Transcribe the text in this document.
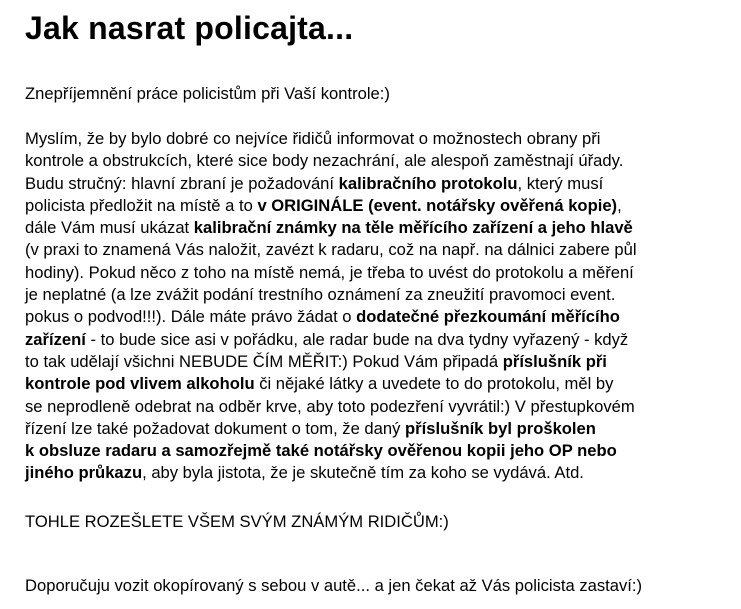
Jak nasrat policajta...

Znepříjemnění práce policistům při Vaší kontrole:)

Myslím, že by bylo dobré co nejvíce řidičů informovat o možnostech obrany při
kontrole a obstrukcích, které sice body nezachrání, ale alespoň zaměstnají úřady.
Budu stručný: hlavní zbraní je požadování kalibračního protokolu, který musí
policista předložit na místě a to v ORIGINÁLE (event. notářsky ověřená kopie),
dále Vám musí ukázat kalibrační známky na těle měřícího zařízení a jeho hlavě
(v praxi to znamená Vás naložit, zavézt k radaru, což na např. na dálnici zabere půl
hodiny). Pokud něco z toho na místě nemá, je třeba to uvést do protokolu a měření
je neplatné (a lze zvážit podání trestního oznámení za zneužití pravomoci event.
pokus o podvod!!!). Dále máte právo žádat o dodatečné přezkoumání měřícího
zařízení - to bude sice asi v pořádku, ale radar bude na dva tydny vyřazený - když
to tak udělají všichni NEBUDE ČÍM MĚŘIT:) Pokud Vám připadá příslušník při
kontrole pod vlivem alkoholu či nějaké látky a uvedete to do protokolu, měl by
se neprodleně odebrat na odběr krve, aby toto podezření vyvrátil:) V přestupkovém
řízení lze také požadovat dokument o tom, že daný příslušník byl proškolen
k obsluze radaru a samozřejmě také notářsky ověřenou kopii jeho OP nebo
jiného průkazu, aby byla jistota, že je skutečně tím za koho se vydává. Atd.

TOHLE ROZEŠLETE VŠEM SVÝM ZNÁMÝM RIDIČŮM:)

Doporučuju vozit okopírovaný s sebou v autě... a jen čekat až Vás policista zastaví:)
